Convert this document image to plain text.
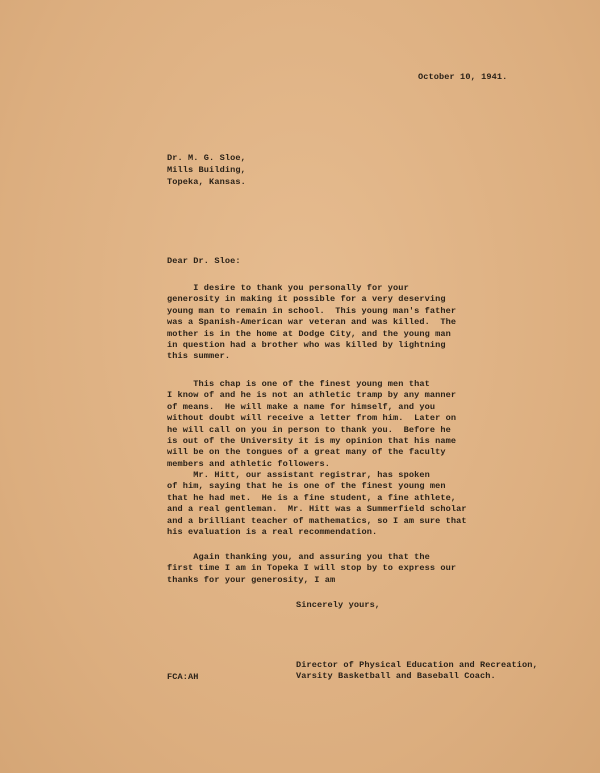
October 10, 1941.
Dr. M. G. Sloe,
Mills Building,
Topeka, Kansas.
Dear Dr. Sloe:
I desire to thank you personally for your
generosity in making it possible for a very deserving
young man to remain in school.  This young man's father
was a Spanish-American war veteran and was killed.  The
mother is in the home at Dodge City, and the young man
in question had a brother who was killed by lightning
this summer.
This chap is one of the finest young men that
I know of and he is not an athletic tramp by any manner
of means.  He will make a name for himself, and you
without doubt will receive a letter from him.  Later on
he will call on you in person to thank you.  Before he
is out of the University it is my opinion that his name
will be on the tongues of a great many of the faculty
members and athletic followers.
Mr. Hitt, our assistant registrar, has spoken
of him, saying that he is one of the finest young men
that he had met.  He is a fine student, a fine athlete,
and a real gentleman.  Mr. Hitt was a Summerfield scholar
and a brilliant teacher of mathematics, so I am sure that
his evaluation is a real recommendation.
Again thanking you, and assuring you that the
first time I am in Topeka I will stop by to express our
thanks for your generosity, I am
Sincerely yours,
Director of Physical Education and Recreation,
Varsity Basketball and Baseball Coach.
FCA:AH
